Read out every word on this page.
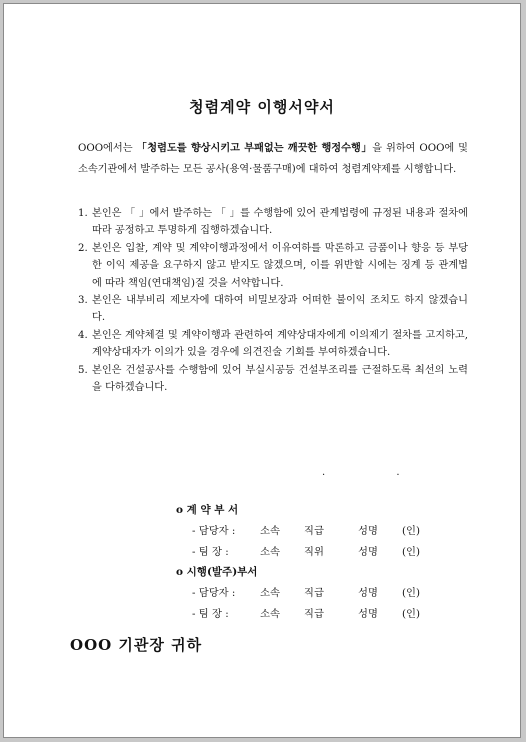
청렴계약 이행서약서
OOO에서는 「청렴도를 향상시키고 부패없는 깨끗한 행정수행」을 위하여 OOO에 및 소속기관에서 발주하는 모든 공사(용역·물품구매)에 대하여 청렴계약제를 시행합니다.
1. 본인은 「 」에서 발주하는 「 」를 수행함에 있어 관계법령에 규정된 내용과 절차에 따라 공정하고 투명하게 집행하겠습니다.
2. 본인은 입찰, 계약 및 계약이행과정에서 이유여하를 막론하고 금품이나 향응 등 부당한 이익 제공을 요구하지 않고 받지도 않겠으며, 이를 위반할 시에는 징계 등 관계법에 따라 책임(연대책임)질 것을 서약합니다.
3. 본인은 내부비리 제보자에 대하여 비밀보장과 어떠한 불이익 조치도 하지 않겠습니다.
4. 본인은 계약체결 및 계약이행과 관련하여 계약상대자에게 이의제기 절차를 고지하고, 계약상대자가 이의가 있을 경우에 의견진술 기회를 부여하겠습니다.
5. 본인은 건설공사를 수행함에 있어 부실시공등 건설부조리를 근절하도록 최선의 노력을 다하겠습니다.
. .
o 계 약 부 서
- 담당자 : 소속 직급	성명 (인)
- 팀 장 :	소속 직위	성명 (인)
o 시행(발주)부서
- 담당자 : 소속 직급	성명 (인)
- 팀 장 :	소속 직급	성명 (인)
OOO 기관장 귀하
